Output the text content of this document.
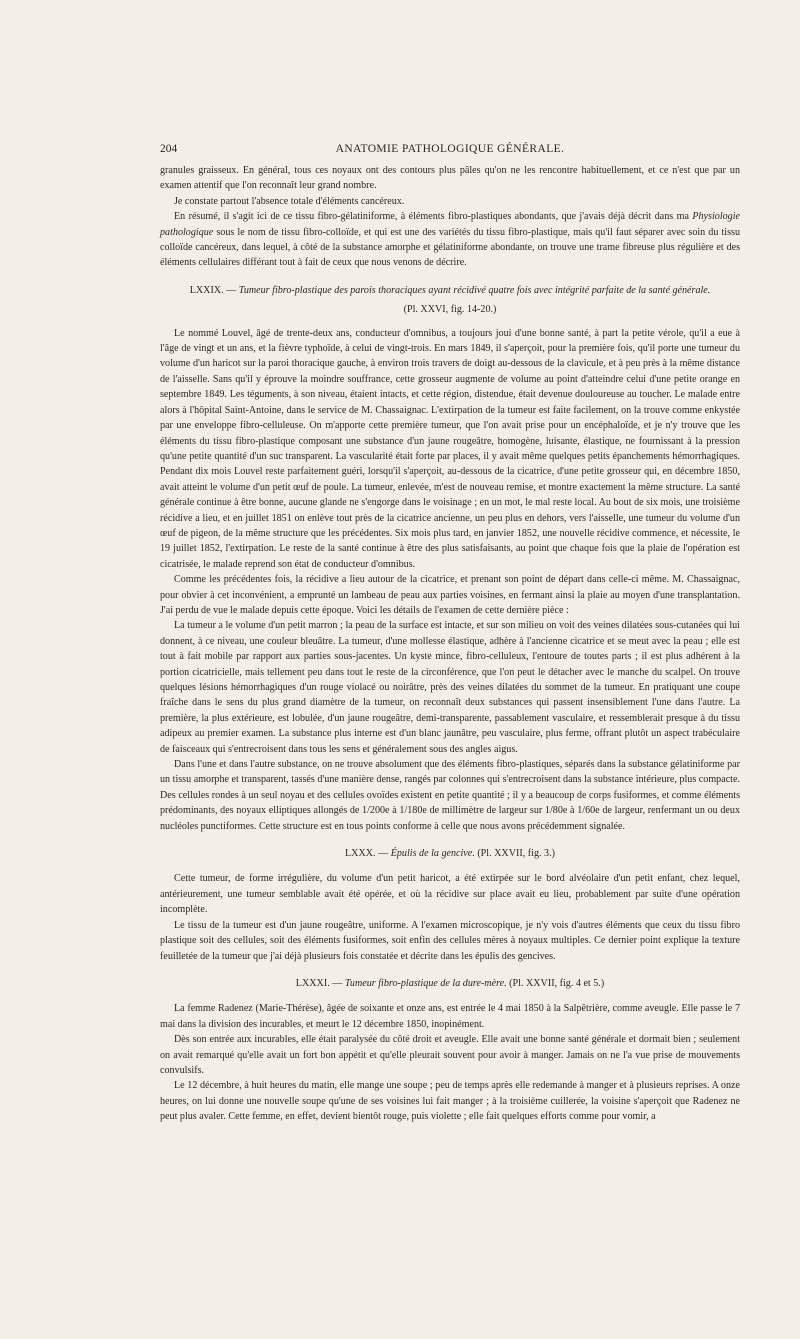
204	ANATOMIE PATHOLOGIQUE GÉNÉRALE.

granules graisseux. En général, tous ces noyaux ont des contours plus pâles qu'on ne les rencontre habituellement, et ce n'est que par un examen attentif que l'on reconnaît leur grand nombre.

Je constate partout l'absence totale d'éléments cancéreux.

En résumé, il s'agit ici de ce tissu fibro-gélatiniforme, à éléments fibro-plastiques abondants, que j'avais déjà décrit dans ma Physiologie pathologique sous le nom de tissu fibro-colloïde, et qui est une des variétés du tissu fibro-plastique, mais qu'il faut séparer avec soin du tissu colloïde cancéreux, dans lequel, à côté de la substance amorphe et gélatiniforme abondante, on trouve une trame fibreuse plus régulière et des éléments cellulaires différant tout à fait de ceux que nous venons de décrire.

LXXIX. — Tumeur fibro-plastique des parois thoraciques ayant récidivé quatre fois avec intégrité parfaite de la santé générale.
(Pl. XXVI, fig. 14-20.)

Le nommé Louvel, âgé de trente-deux ans, conducteur d'omnibus, a toujours joui d'une bonne santé, à part la petite vérole, qu'il a eue à l'âge de vingt et un ans, et la fièvre typhoïde, à celui de vingt-trois. En mars 1849, il s'aperçoit, pour la première fois, qu'il porte une tumeur du volume d'un haricot sur la paroi thoracique gauche, à environ trois travers de doigt au-dessous de la clavicule, et à peu près à la même distance de l'aisselle. Sans qu'il y éprouve la moindre souffrance, cette grosseur augmente de volume au point d'atteindre celui d'une petite orange en septembre 1849. Les téguments, à son niveau, étaient intacts, et cette région, distendue, était devenue douloureuse au toucher. Le malade entre alors à l'hôpital Saint-Antoine, dans le service de M. Chassaignac. L'extirpation de la tumeur est faite facilement, on la trouve comme enkystée par une enveloppe fibro-celluleuse. On m'apporte cette première tumeur, que l'on avait prise pour un encéphaloïde, et je n'y trouve que les éléments du tissu fibro-plastique composant une substance d'un jaune rougeâtre, homogène, luisante, élastique, ne fournissant à la pression qu'une petite quantité d'un suc transparent. La vascularité était forte par places, il y avait même quelques petits épanchements hémorrhagiques. Pendant dix mois Louvel reste parfaitement guéri, lorsqu'il s'aperçoit, au-dessous de la cicatrice, d'une petite grosseur qui, en décembre 1850, avait atteint le volume d'un petit œuf de poule. La tumeur, enlevée, m'est de nouveau remise, et montre exactement la même structure. La santé générale continue à être bonne, aucune glande ne s'engorge dans le voisinage ; en un mot, le mal reste local. Au bout de six mois, une troisième récidive a lieu, et en juillet 1851 on enlève tout près de la cicatrice ancienne, un peu plus en dehors, vers l'aisselle, une tumeur du volume d'un œuf de pigeon, de la même structure que les précédentes. Six mois plus tard, en janvier 1852, une nouvelle récidive commence, et nécessite, le 19 juillet 1852, l'extirpation. Le reste de la santé continue à être des plus satisfaisants, au point que chaque fois que la plaie de l'opération est cicatrisée, le malade reprend son état de conducteur d'omnibus.

Comme les précédentes fois, la récidive a lieu autour de la cicatrice, et prenant son point de départ dans celle-ci même. M. Chassaignac, pour obvier à cet inconvénient, a emprunté un lambeau de peau aux parties voisines, en fermant ainsi la plaie au moyen d'une transplantation. J'ai perdu de vue le malade depuis cette époque. Voici les détails de l'examen de cette dernière pièce :

La tumeur a le volume d'un petit marron ; la peau de la surface est intacte, et sur son milieu on voit des veines dilatées sous-cutanées qui lui donnent, à ce niveau, une couleur bleuâtre. La tumeur, d'une mollesse élastique, adhère à l'ancienne cicatrice et se meut avec la peau ; elle est tout à fait mobile par rapport aux parties sous-jacentes. Un kyste mince, fibro-celluleux, l'entoure de toutes parts ; il est plus adhérent à la portion cicatricielle, mais tellement peu dans tout le reste de la circonférence, que l'on peut le détacher avec le manche du scalpel. On trouve quelques lésions hémorrhagiques d'un rouge violacé ou noirâtre, près des veines dilatées du sommet de la tumeur. En pratiquant une coupe fraîche dans le sens du plus grand diamètre de la tumeur, on reconnaît deux substances qui passent insensiblement l'une dans l'autre. La première, la plus extérieure, est lobulée, d'un jaune rougeâtre, demi-transparente, passablement vasculaire, et ressemblerait presque à du tissu adipeux au premier examen. La substance plus interne est d'un blanc jaunâtre, peu vasculaire, plus ferme, offrant plutôt un aspect trabéculaire de faisceaux qui s'entrecroisent dans tous les sens et généralement sous des angles aigus.

Dans l'une et dans l'autre substance, on ne trouve absolument que des éléments fibro-plastiques, séparés dans la substance gélatiniforme par un tissu amorphe et transparent, tassés d'une manière dense, rangés par colonnes qui s'entrecroisent dans la substance intérieure, plus compacte. Des cellules rondes à un seul noyau et des cellules ovoïdes existent en petite quantité ; il y a beaucoup de corps fusiformes, et comme éléments prédominants, des noyaux elliptiques allongés de 1/200e à 1/180e de millimètre de largeur sur 1/80e à 1/60e de largeur, renfermant un ou deux nucléoles punctiformes. Cette structure est en tous points conforme à celle que nous avons précédemment signalée.

LXXX. — Épulis de la gencive. (Pl. XXVII, fig. 3.)

Cette tumeur, de forme irrégulière, du volume d'un petit haricot, a été extirpée sur le bord alvéolaire d'un petit enfant, chez lequel, antérieurement, une tumeur semblable avait été opérée, et où la récidive sur place avait eu lieu, probablement par suite d'une opération incomplète.

Le tissu de la tumeur est d'un jaune rougeâtre, uniforme. A l'examen microscopique, je n'y vois d'autres éléments que ceux du tissu fibro plastique soit des cellules, soit des éléments fusiformes, soit enfin des cellules mères à noyaux multiples. Ce dernier point explique la texture feuilletée de la tumeur que j'ai déjà plusieurs fois constatée et décrite dans les épulis des gencives.

LXXXI. — Tumeur fibro-plastique de la dure-mère. (Pl. XXVII, fig. 4 et 5.)

La femme Radenez (Marie-Thérèse), âgée de soixante et onze ans, est entrée le 4 mai 1850 à la Salpêtrière, comme aveugle. Elle passe le 7 mai dans la division des incurables, et meurt le 12 décembre 1850, inopinément.

Dès son entrée aux incurables, elle était paralysée du côté droit et aveugle. Elle avait une bonne santé générale et dormait bien ; seulement on avait remarqué qu'elle avait un fort bon appétit et qu'elle pleurait souvent pour avoir à manger. Jamais on ne l'a vue prise de mouvements convulsifs.

Le 12 décembre, à huit heures du matin, elle mange une soupe ; peu de temps après elle redemande à manger et à plusieurs reprises. A onze heures, on lui donne une nouvelle soupe qu'une de ses voisines lui fait manger ; à la troisième cuillerée, la voisine s'aperçoit que Radenez ne peut plus avaler. Cette femme, en effet, devient bientôt rouge, puis violette ; elle fait quelques efforts comme pour vomir, a
